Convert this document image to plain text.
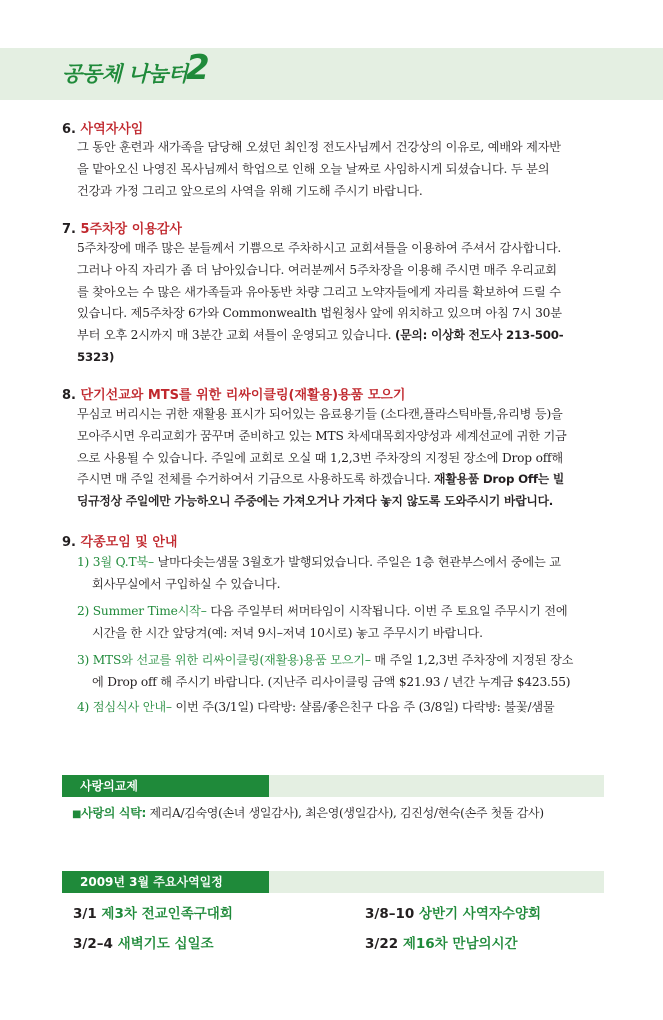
공동체 나눔터
2
6. 사역자사임
그 동안 훈련과 새가족을 담당해 오셨던 최인정 전도사님께서 건강상의 이유로, 예배와 제자반
을 맡아오신 나영진 목사님께서 학업으로 인해 오늘 날짜로 사임하시게 되셨습니다. 두 분의
건강과 가정 그리고 앞으로의 사역을 위해 기도해 주시기 바랍니다.
7. 5주차장 이용감사
5주차장에 매주 많은 분들께서 기쁨으로 주차하시고 교회셔틀을 이용하여 주셔서 감사합니다.
그러나 아직 자리가 좀 더 남아있습니다. 여러분께서 5주차장을 이용해 주시면 매주 우리교회
를 찾아오는 수 많은 새가족들과 유아동반 차량 그리고 노약자들에게 자리를 확보하여 드릴 수
있습니다. 제5주차장 6가와 Commonwealth 법원청사 앞에 위치하고 있으며 아침 7시 30분
부터 오후 2시까지 매 3분간 교회 셔틀이 운영되고 있습니다. (문의: 이상화 전도사 213-500-
5323)
8. 단기선교와 MTS를 위한 리싸이클링(재활용)용품 모으기
무심코 버리시는 귀한 재활용 표시가 되어있는 음료용기들 (소다캔,플라스틱바틀,유리병 등)을
모아주시면 우리교회가 꿈꾸며 준비하고 있는 MTS 차세대목회자양성과 세계선교에 귀한 기금
으로 사용될 수 있습니다. 주일에 교회로 오실 때 1,2,3번 주차장의 지정된 장소에 Drop off해
주시면 매 주일 전체를 수거하여서 기금으로 사용하도록 하겠습니다. 재활용품 Drop Off는 빌
딩규정상 주일에만 가능하오니 주중에는 가져오거나 가져다 놓지 않도록 도와주시기 바랍니다.
9. 각종모임 및 안내
1) 3월 Q.T북– 날마다솟는샘물 3월호가 발행되었습니다. 주일은 1층 현관부스에서 중에는 교
회사무실에서 구입하실 수 있습니다.
2) Summer Time시작– 다음 주일부터 써머타임이 시작됩니다. 이번 주 토요일 주무시기 전에
시간을 한 시간 앞당겨(예: 저녁 9시–저녁 10시로) 놓고 주무시기 바랍니다.
3) MTS와 선교를 위한 리싸이클링(재활용)용품 모으기– 매 주일 1,2,3번 주차장에 지정된 장소
에 Drop off 해 주시기 바랍니다. (지난주 리사이클링 금액 $21.93 / 년간 누계금 $423.55)
4) 점심식사 안내– 이번 주(3/1일) 다락방: 샬롬/좋은친구 다음 주 (3/8일) 다락방: 불꽃/샘물
사랑의교제
■사랑의 식탁: 제리A/김숙영(손녀 생일감사), 최은영(생일감사), 김진성/현숙(손주 첫돌 감사)
2009년 3월 주요사역일정
3/1 제3차 전교인족구대회	3/8–10 상반기 사역자수양회
3/2–4 새벽기도 십일조	3/22 제16차 만남의시간
